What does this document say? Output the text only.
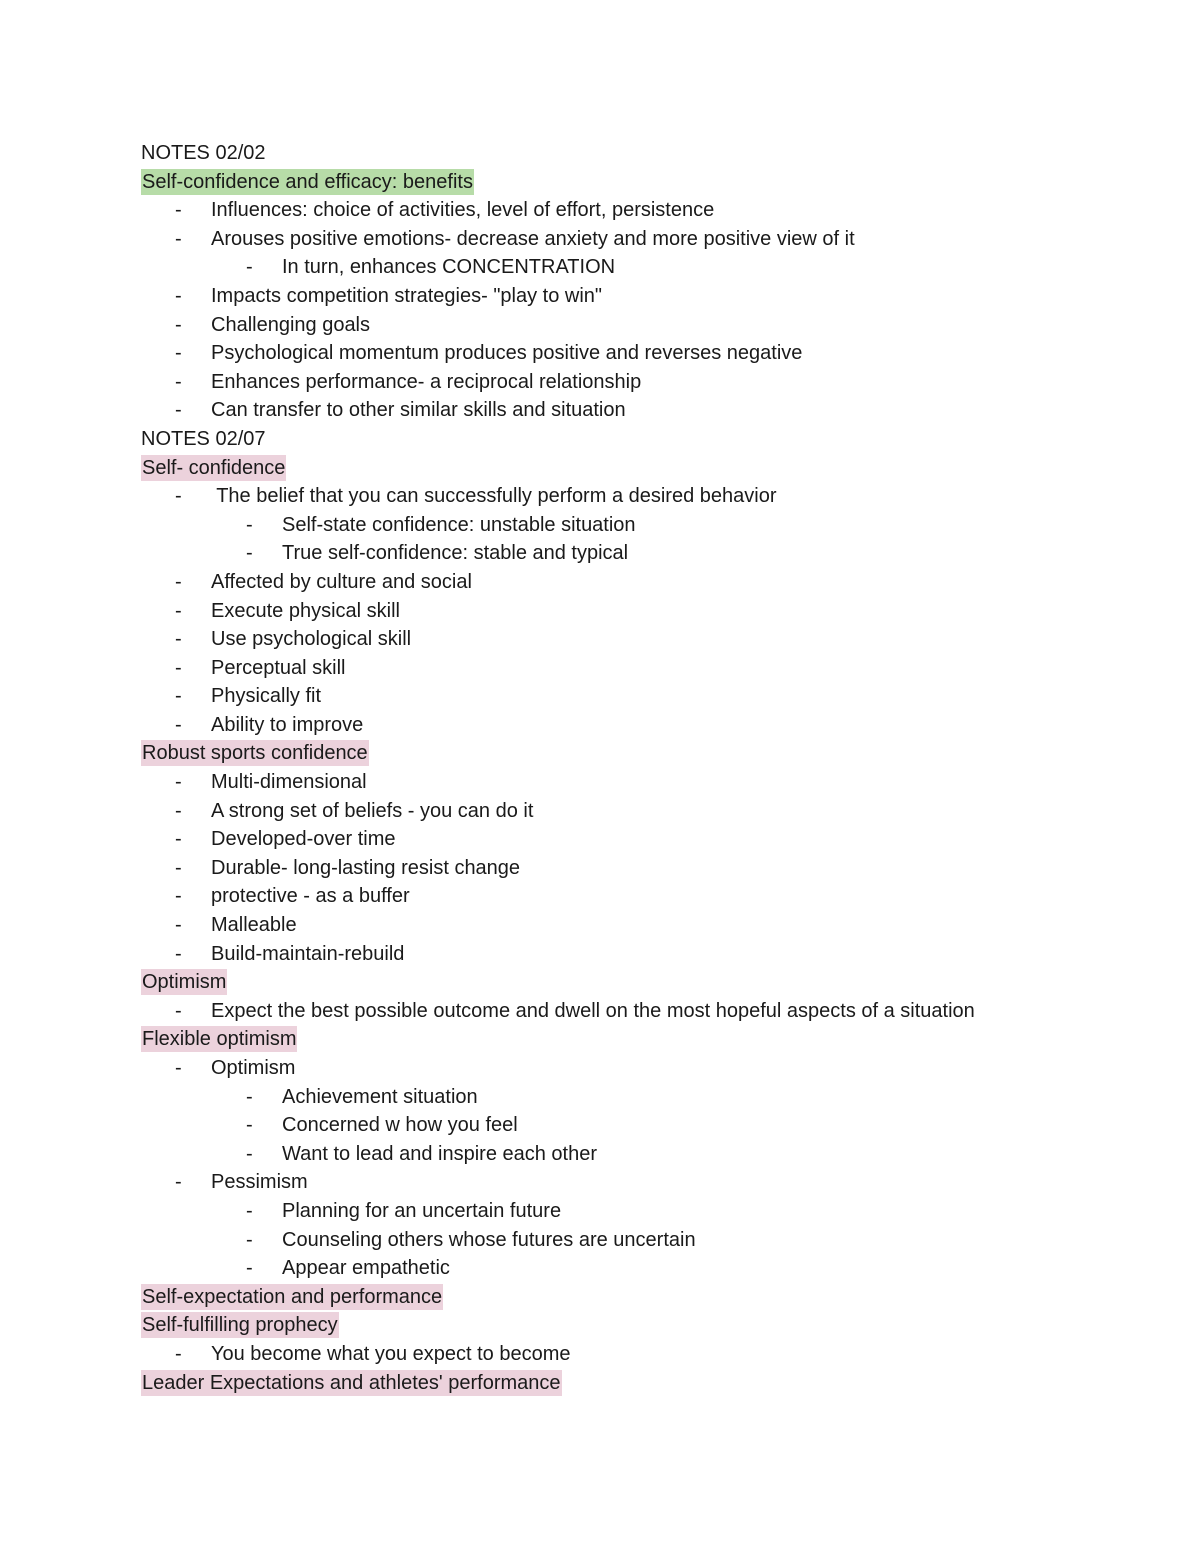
NOTES 02/02
Self-confidence and efficacy: benefits
- Influences: choice of activities, level of effort, persistence
- Arouses positive emotions- decrease anxiety and more positive view of it
- In turn, enhances CONCENTRATION
- Impacts competition strategies- "play to win"
- Challenging goals
- Psychological momentum produces positive and reverses negative
- Enhances performance- a reciprocal relationship
- Can transfer to other similar skills and situation
NOTES 02/07
Self- confidence
- The belief that you can successfully perform a desired behavior
- Self-state confidence: unstable situation
- True self-confidence: stable and typical
- Affected by culture and social
- Execute physical skill
- Use psychological skill
- Perceptual skill
- Physically fit
- Ability to improve
Robust sports confidence
- Multi-dimensional
- A strong set of beliefs - you can do it
- Developed-over time
- Durable- long-lasting resist change
- protective - as a buffer
- Malleable
- Build-maintain-rebuild
Optimism
- Expect the best possible outcome and dwell on the most hopeful aspects of a situation
Flexible optimism
- Optimism
- Achievement situation
- Concerned w how you feel
- Want to lead and inspire each other
- Pessimism
- Planning for an uncertain future
- Counseling others whose futures are uncertain
- Appear empathetic
Self-expectation and performance
Self-fulfilling prophecy
- You become what you expect to become
Leader Expectations and athletes' performance
